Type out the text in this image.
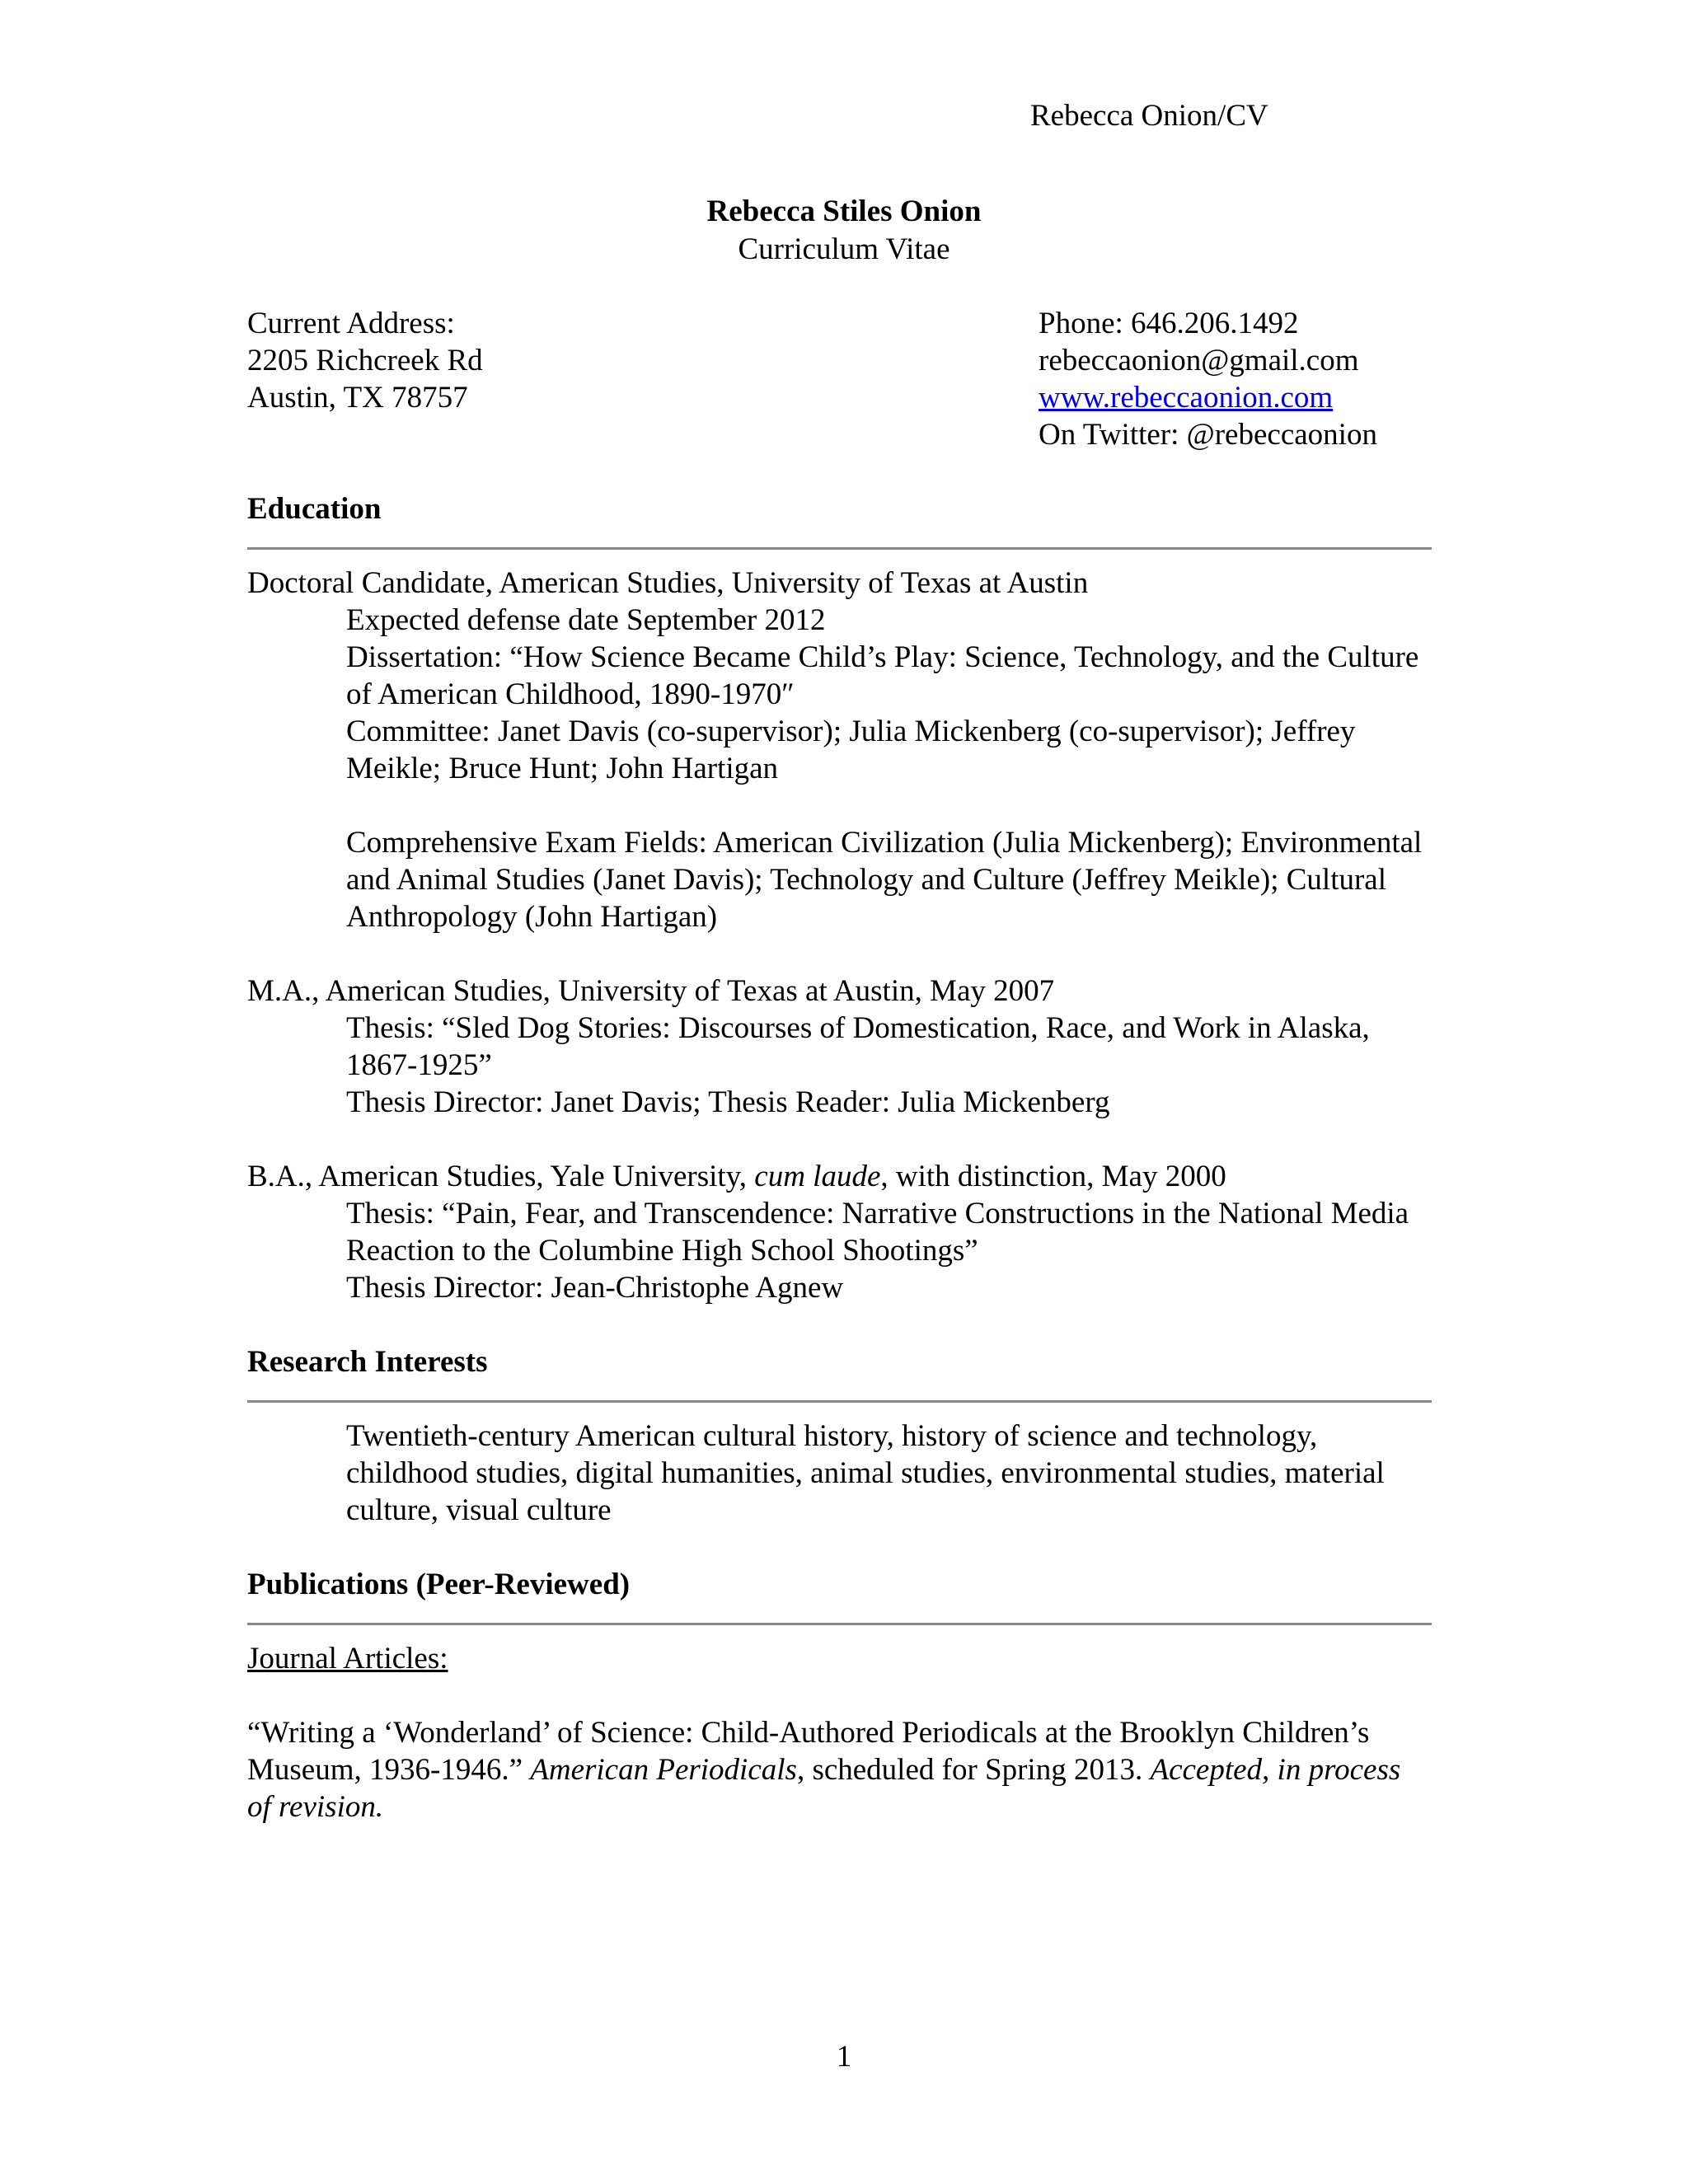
Rebecca Onion/CV

Rebecca Stiles Onion

Curriculum Vitae

Current Address:

2205 Richcreek Rd

Austin, TX 78757

Phone: 646.206.1492

rebeccaonion@gmail.com

www.rebeccaonion.com

On Twitter: @rebeccaonion

Education

Doctoral Candidate, American Studies, University of Texas at Austin

Expected defense date September 2012

Dissertation: “How Science Became Child’s Play: Science, Technology, and the Culture of American Childhood, 1890-1970″

Committee: Janet Davis (co-supervisor); Julia Mickenberg (co-supervisor); Jeffrey Meikle; Bruce Hunt; John Hartigan

Comprehensive Exam Fields: American Civilization (Julia Mickenberg); Environmental and Animal Studies (Janet Davis); Technology and Culture (Jeffrey Meikle); Cultural Anthropology (John Hartigan)

M.A., American Studies, University of Texas at Austin, May 2007

Thesis: “Sled Dog Stories: Discourses of Domestication, Race, and Work in Alaska, 1867-1925”

Thesis Director: Janet Davis; Thesis Reader: Julia Mickenberg

B.A., American Studies, Yale University, cum laude, with distinction, May 2000

Thesis: “Pain, Fear, and Transcendence: Narrative Constructions in the National Media Reaction to the Columbine High School Shootings”

Thesis Director: Jean-Christophe Agnew

Research Interests

Twentieth-century American cultural history, history of science and technology, childhood studies, digital humanities, animal studies, environmental studies, material culture, visual culture

Publications (Peer-Reviewed)

Journal Articles:

“Writing a ‘Wonderland’ of Science: Child-Authored Periodicals at the Brooklyn Children’s Museum, 1936-1946.” American Periodicals, scheduled for Spring 2013. Accepted, in process of revision.

1
